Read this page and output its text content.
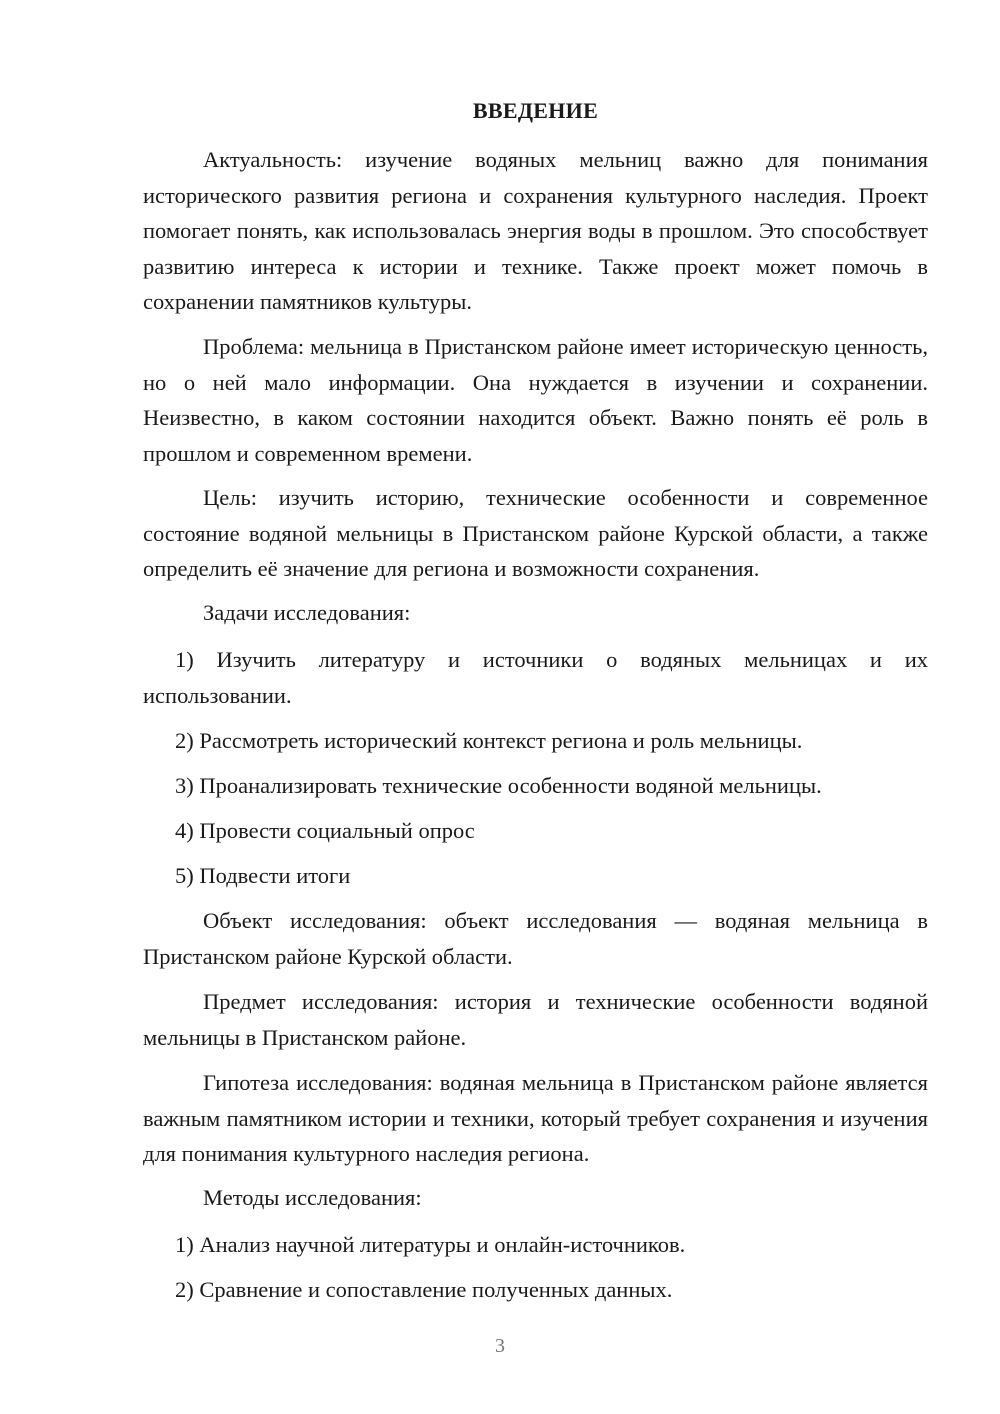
ВВЕДЕНИЕ

Актуальность: изучение водяных мельниц важно для понимания исторического развития региона и сохранения культурного наследия. Проект помогает понять, как использовалась энергия воды в прошлом. Это способствует развитию интереса к истории и технике. Также проект может помочь в сохранении памятников культуры.

Проблема: мельница в Пристанском районе имеет историческую ценность, но о ней мало информации. Она нуждается в изучении и сохранении. Неизвестно, в каком состоянии находится объект. Важно понять её роль в прошлом и современном времени.

Цель: изучить историю, технические особенности и современное состояние водяной мельницы в Пристанском районе Курской области, а также определить её значение для региона и возможности сохранения.

Задачи исследования:

1) Изучить литературу и источники о водяных мельницах и их использовании.

2) Рассмотреть исторический контекст региона и роль мельницы.

3) Проанализировать технические особенности водяной мельницы.

4) Провести социальный опрос

5) Подвести итоги

Объект исследования: объект исследования — водяная мельница в Пристанском районе Курской области.

Предмет исследования: история и технические особенности водяной мельницы в Пристанском районе.

Гипотеза исследования: водяная мельница в Пристанском районе является важным памятником истории и техники, который требует сохранения и изучения для понимания культурного наследия региона.

Методы исследования:

1) Анализ научной литературы и онлайн-источников.

2) Сравнение и сопоставление полученных данных.

3
